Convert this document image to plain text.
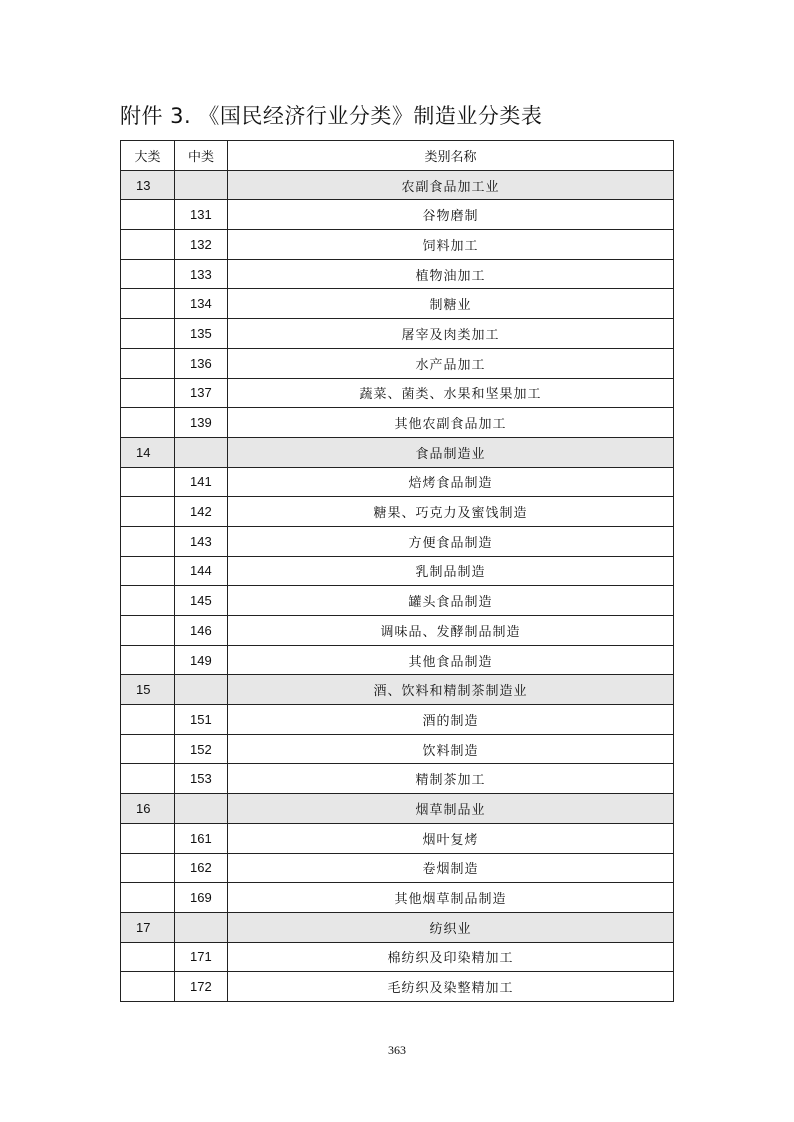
附件 3. 《国民经济行业分类》制造业分类表
大类	中类	类别名称
13		农副食品加工业
	131	谷物磨制
	132	饲料加工
	133	植物油加工
	134	制糖业
	135	屠宰及肉类加工
	136	水产品加工
	137	蔬菜、菌类、水果和坚果加工
	139	其他农副食品加工
14		食品制造业
	141	焙烤食品制造
	142	糖果、巧克力及蜜饯制造
	143	方便食品制造
	144	乳制品制造
	145	罐头食品制造
	146	调味品、发酵制品制造
	149	其他食品制造
15		酒、饮料和精制茶制造业
	151	酒的制造
	152	饮料制造
	153	精制茶加工
16		烟草制品业
	161	烟叶复烤
	162	卷烟制造
	169	其他烟草制品制造
17		纺织业
	171	棉纺织及印染精加工
	172	毛纺织及染整精加工
363
